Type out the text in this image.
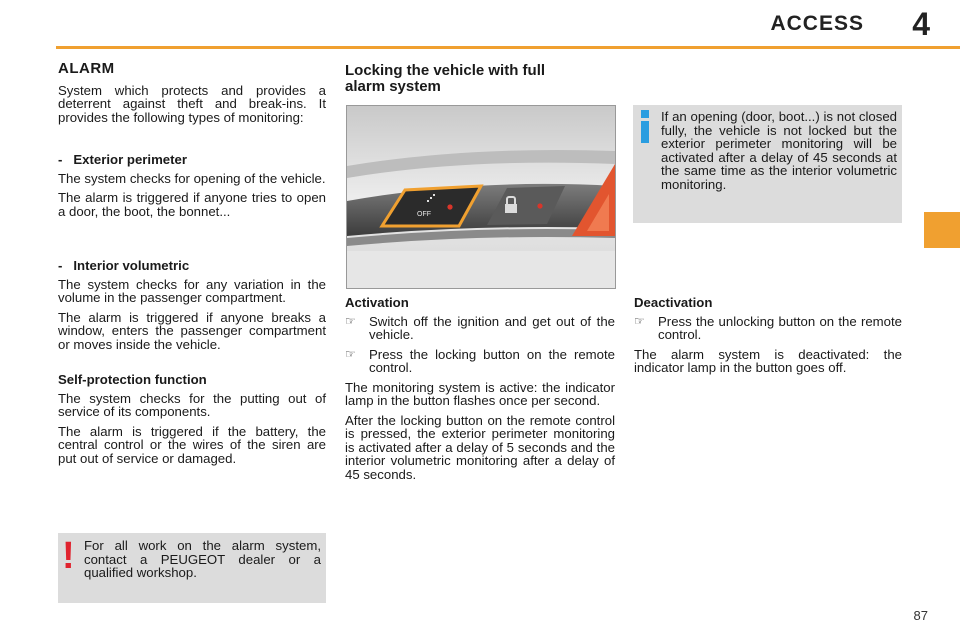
ACCESS 4
ALARM

System which protects and provides a deterrent against theft and break-ins. It provides the following types of monitoring:

-   Exterior perimeter

The system checks for opening of the vehicle.

The alarm is triggered if anyone tries to open a door, the boot, the bonnet...

-   Interior volumetric

The system checks for any variation in the volume in the passenger compartment.

The alarm is triggered if anyone breaks a window, enters the passenger compartment or moves inside the vehicle.

Self-protection function

The system checks for the putting out of service of its components.

The alarm is triggered if the battery, the central control or the wires of the siren are put out of service or damaged.

For all work on the alarm system, contact a PEUGEOT dealer or a qualified workshop.
!
Locking the vehicle with full alarm system
OFF
Activation
☞	Switch off the ignition and get out of the vehicle.
☞	Press the locking button on the remote control.

The monitoring system is active: the indicator lamp in the button flashes once per second.

After the locking button on the remote control is pressed, the exterior perimeter monitoring is activated after a delay of 5 seconds and the interior volumetric monitoring after a delay of 45 seconds.

If an opening (door, boot...) is not closed fully, the vehicle is not locked but the exterior perimeter monitoring will be activated after a delay of 45 seconds at the same time as the interior volumetric monitoring.
Deactivation
☞	Press the unlocking button on the remote control.

The alarm system is deactivated: the indicator lamp in the button goes off.

87
